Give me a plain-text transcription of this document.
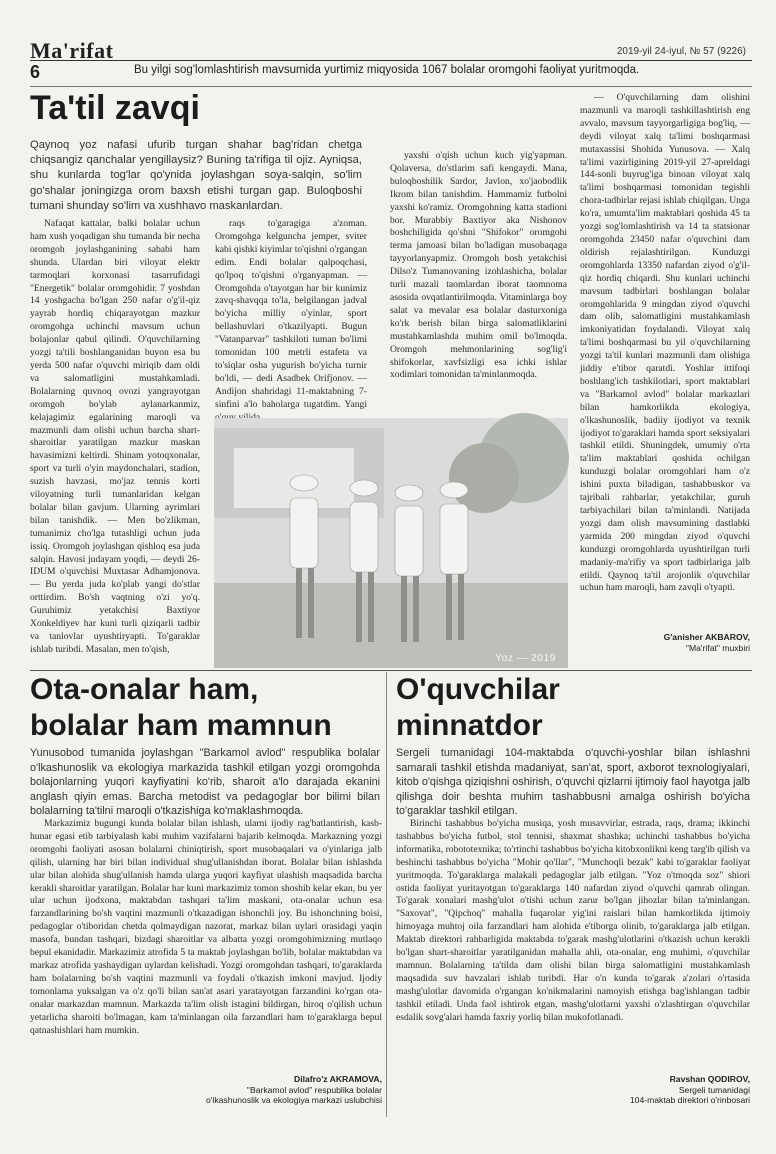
Ma'rifat	2019-yil 24-iyul, № 57 (9226)
6	Bu yilgi sog'lomlashtirish mavsumida yurtimiz miqyosida 1067 bolalar oromgohi faoliyat yuritmoqda.
Ta'til zavqi
Qaynoq yoz nafasi ufurib turgan shahar bag'ridan chetga chiqsangiz qanchalar yengillaysiz? Buning ta'rifiga til ojiz. Ayniqsa, shu kunlarda tog'lar qo'ynida joylashgan soya-salqin, so'lim go'shalar joningizga orom baxsh etishi turgan gap. Buloqboshi tumani shunday so'lim va xushhavo maskanlardan.

Nafaqat kattalar, balki bolalar uchun ham xush yoqadigan shu tumanda bir necha oromgoh joylashganining sababi ham shunda. Ulardan biri viloyat elektr tarmoqlari korxonasi tasarrufidagi "Energetik" bolalar oromgohidir. 7 yoshdan 14 yoshgacha bo'lgan 250 nafar o'g'il-qiz yayrab hordiq chiqarayotgan mazkur oromgohga uchinchi mavsum uchun bolajonlar qabul qilindi. O'quvchilarning yozgi ta'tili boshlanganidan buyon esa bu yerda 500 nafar o'quvchi miriqib dam oldi va salomatligini mustahkamladi. Bolalarning quvnoq ovozi yangrayotgan oromgoh bo'ylab aylanarkanmiz, kelajagimiz egalarining maroqli va mazmunli dam olishi uchun barcha shart-sharoitlar yaratilgan mazkur maskan havasimizni keltirdi. Shinam yotoqxonalar, sport va turli o'yin maydonchalari, stadion, suzish havzasi, mo'jaz tennis korti viloyatning turli tumanlaridan kelgan bolalar bilan gavjum. Ularning ayrimlari bilan tanishdik. — Men bo'zlikman, tumanimiz cho'lga tutashligi uchun juda issiq. Oromgoh joylashgan qishloq esa juda salqin. Havosi judayam yoqdi, — deydi 26-IDUM o'quvchisi Muxtasar Adhamjonova. — Bu yerda juda ko'plab yangi do'stlar orttirdim. Bo'sh vaqtning o'zi yo'q. Guruhimiz yetakchisi Baxtiyor Xonkeldiyev har kuni turli qiziqarli tadbir va tanlovlar uyushtiryapti. To'garaklar ishlab turibdi. Masalan, men to'qish,

raqs to'garagiga a'zoman. Oromgohga kelguncha jemper, sviter kabi qishki kiyimlar to'qishni o'rgangan edim. Endi bolalar qalpoqchasi, qo'lpoq to'qishni o'rganyapman. — Oromgohda o'tayotgan har bir kunimiz zavq-shavqqa to'la, belgilangan jadval bo'yicha milliy o'yinlar, sport bellashuvlari o'tkazilyapti. Bugun "Vatanparvar" tashkiloti tuman bo'limi tomonidan 100 metrli estafeta va to'siqlar osha yugurish bo'yicha turnir bo'ldi, — dedi Asadbek Orifjonov. — Andijon shahridagi 11-maktabning 7-sinfini a'lo baholarga tugatdim. Yangi

yaxshi o'qish uchun kuch yig'yapman. Qolaversa, do'stlarim safi kengaydi. Mana, buloqboshilik Sardor, Javlon, xo'jaobodlik Ikrom bilan tanishdim. Hammamiz futbolni yaxshi ko'ramiz. Oromgohning katta stadioni bor. Murabbiy Baxtiyor aka Nishonov boshchiligida qo'shni "Shifokor" oromgohi terma jamoasi bilan bo'ladigan musobaqaga tayyorlanyapmiz. Oromgoh bosh yetakchisi Dilso'z Tumanovaning izohlashicha, bolalar turli mazali taomlardan iborat taomnoma asosida ovqatlantirilmoqda. Vitaminlarga boy salat va mevalar esa bolalar dasturxoniga ko'rk berish bilan birga salomatliklarini mustahkamlashda muhim omil bo'lmoqda. Oromgoh mehmonlarining sog'lig'i shifokorlar, xavfsizligi esa ichki ishlar xodimlari tomonidan ta'minlanmoqda.

— O'quvchilarning dam olishini mazmunli va maroqli tashkillashtirish eng avvalo, mavsum tayyorgarligiga bog'liq, — deydi viloyat xalq ta'limi boshqarmasi mutaxassisi Shohida Yunusova. — Xalq ta'limi vazirligining 2019-yil 27-apreldagi 144-sonli buyrug'iga binoan viloyat xalq ta'limi boshqarmasi tomonidan tegishli chora-tadbirlar rejasi ishlab chiqilgan. Unga ko'ra, umumta'lim maktablari qoshida 45 ta yozgi sog'lomlashtirish va 14 ta statsionar oromgohda 23450 nafar o'quvchini dam oldirish rejalashtirilgan. Kunduzgi oromgohlarda 13350 nafardan ziyod o'g'il-qiz hordiq chiqardi. Shu kunlari uchinchi mavsum tadbirlari boshlangan bolalar oromgohlarida 9 mingdan ziyod o'quvchi dam olib, salomatligini mustahkamlash imkoniyatidan foydalandi. Viloyat xalq ta'limi boshqarmasi bu yil o'quvchilarning yozgi ta'til kunlari mazmunli dam olishiga jiddiy e'tibor qaratdi. Yoshlar ittifoqi boshlang'ich tashkilotlari, sport maktablari va "Barkamol avlod" bolalar markazlari bilan hamkorlikda ekologiya, o'lkashunoslik, badiiy ijodiyot va texnik ijodiyot to'garaklari hamda sport seksiyalari tashkil etildi. Shuningdek, umumiy o'rta ta'lim maktablari qoshida ochilgan kunduzgi bolalar oromgohlari ham o'z ishini puxta biladigan, tashabbuskor va tajribali rahbarlar, yetakchilar, guruh tarbiyachilari bilan ta'minlandi. Natijada yozgi dam olish mavsumining dastlabki yarmida 200 mingdan ziyod o'quvchi kunduzgi oromgohlarda uyushtirilgan turli madaniy-ma'rifiy va sport tadbirlariga jalb etildi. Qaynoq ta'til arojonlik o'quvchilar uchun ham maroqli, ham zavqli o'tyapti.

Yoz — 2019
G'anisher AKBAROV,
"Ma'rifat" muxbiri
Ota-onalar ham,
bolalar ham mamnun
Yunusobod tumanida joylashgan "Barkamol avlod" respublika bolalar o'lkashunoslik va ekologiya markazida tashkil etilgan yozgi oromgohda bolajonlarning yuqori kayfiyatini ko'rib, sharoit a'lo darajada ekanini anglash qiyin emas. Barcha metodist va pedagoglar bor bilimi bilan bolalarning ta'tilni maroqli o'tkazishiga ko'maklashmoqda.

Markazimiz bugungi kunda bolalar bilan ishlash, ularni ijodiy rag'batlantirish, kasb-hunar egasi etib tarbiyalash kabi muhim vazifalarni bajarib kelmoqda. Markazning yozgi oromgohi faoliyati asosan bolalarni chiniqtirish, sport musobaqalari va o'yinlariga jalb qilish, ularning har biri bilan individual shug'ullanishdan iborat. Bolalar bilan ishlashda ular bilan alohida shug'ullanish hamda ularga yuqori kayfiyat ulashish maqsadida barcha kerakli sharoitlar yaratilgan. Bolalar har kuni markazimiz tomon shoshib kelar ekan, bu yer ular uchun ijodxona, maktabdan tashqari ta'lim maskani, ota-onalar uchun esa farzandlarining bo'sh vaqtini mazmunli o'tkazadigan ishonchli joy. Bu ishonchning boisi, pedagoglar o'tiboridan chetda qolmaydigan nazorat, markaz bilan uylari orasidagi yaqin masofa, bundan tashqari, bizdagi sharoitlar va albatta yozgi oromgohimizning mutlaqo bepul ekanidadir. Markazimiz atrofida 5 ta maktab joylashgan bo'lib, bolalar maktabdan va markaz atrofida yashaydigan uylardan kelishadi. Yozgi oromgohdan tashqari, to'garaklarda ham bolalarning bo'sh vaqtini mazmunli va foydali o'tkazish imkoni mavjud. Ijodiy tomonlama yuksalgan va o'z qo'li bilan san'at asari yaratayotgan farzandini ko'rgan ota-onalar markazdan mamnun. Markazda ta'lim olish istagini bildirgan, hiroq o'qilish uchun yetarlicha sharoiti bo'lmagan, kam ta'minlangan oila farzandlari ham to'garaklarga bepul qatnashishlari ham mumkin.

Dilafro'z AKRAMOVA,
"Barkamol avlod" respublika bolalar
o'lkashunoslik va ekologiya markazi uslubchisi
O'quvchilar
minnatdor
Sergeli tumanidagi 104-maktabda o'quvchi-yoshlar bilan ishlashni samarali tashkil etishda madaniyat, san'at, sport, axborot texnologiyalari, kitob o'qishga qiziqishni oshirish, o'quvchi qizlarni ijtimoiy faol hayotga jalb qilishga doir beshta muhim tashabbusni amalga oshirish bo'yicha to'garaklar tashkil etilgan.

Birinchi tashabbus bo'yicha musiqa, yosh musavvirlar, estrada, raqs, drama; ikkinchi tashabbus bo'yicha futbol, stol tennisi, shaxmat shashka; uchinchi tashabbus bo'yicha informatika, robototexnika; to'rtinchi tashabbus bo'yicha kitobxonlikni keng targ'ib qilish va beshinchi tashabbus bo'yicha "Mohir qo'llar", "Munchoqli bezak" kabi to'garaklar faoliyat yuritmoqda. To'garaklarga malakali pedagoglar jalb etilgan. "Yoz o'tmoqda soz" shiori ostida faoliyat yuritayotgan to'garaklarga 140 nafardan ziyod o'quvchi qamrab olingan. To'garak xonalari mashg'ulot o'tishi uchun zarur bo'lgan jihozlar bilan ta'minlangan. "Saxovat", "Qipchoq" mahalla fuqarolar yig'ini raislari bilan hamkorlikda ijtimoiy himoyaga muhtoj oila farzandlari ham alohida e'tiborga olinib, to'garaklarga jalb etilgan. Maktab direktori rahbarligida maktabda to'garak mashg'ulotlarini o'tkazish uchun kerakli bo'lgan shart-sharoitlar yaratilganidan mahalla ahli, ota-onalar, eng muhimi, o'quvchilar mamnun. Bolalarning ta'tilda dam olishi bilan birga salomatligini mustahkamlash maqsadida suv havzalari ishlab turibdi. Har o'n kunda to'garak a'zolari o'rtasida mashg'ulotlar davomida o'rgangan ko'nikmalarini namoyish etishga bag'ishlangan tadbir tashkil etiladi. Unda faol ishtirok etgan, mashg'ulotlarni yaxshi o'zlashtirgan o'quvchilar esdalik sovg'alari hamda faxriy yorliq bilan mukofotlanadi.

Ravshan QODIROV,
Sergeli tumanidagi
104-maktab direktori o'rinbosari
